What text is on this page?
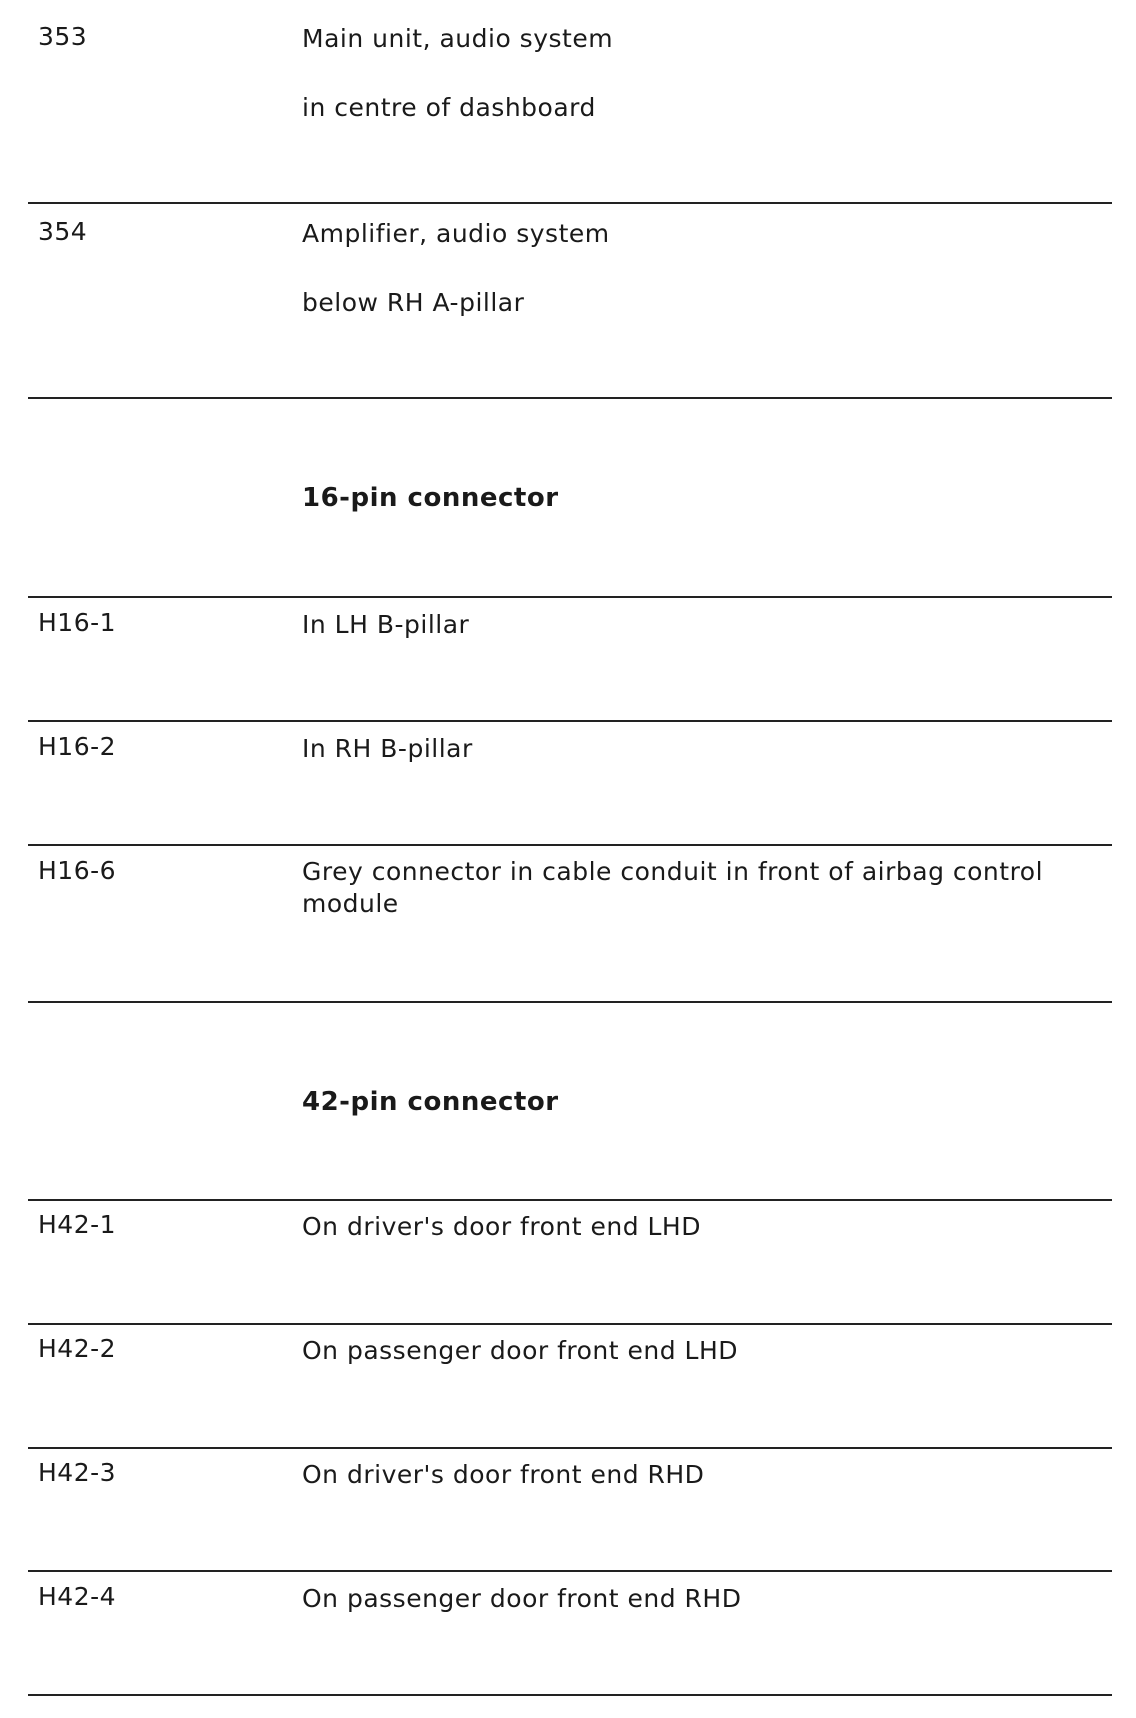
353	Main unit, audio system
in centre of dashboard
354	Amplifier, audio system
below RH A-pillar
16-pin connector
H16-1	In LH B-pillar
H16-2	In RH B-pillar
H16-6	Grey connector in cable conduit in front of airbag control module
42-pin connector
H42-1	On driver's door front end LHD
H42-2	On passenger door front end LHD
H42-3	On driver's door front end RHD
H42-4	On passenger door front end RHD
